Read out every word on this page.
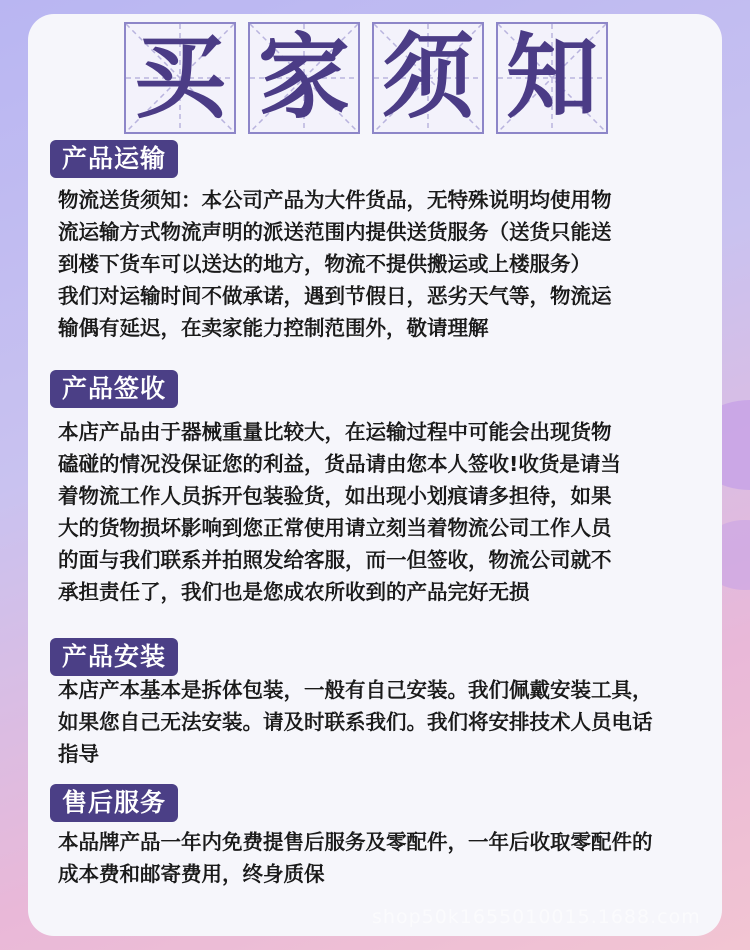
买 家 须 知
产品运输

物流送货须知：本公司产品为大件货品，无特殊说明均使用物

流运输方式物流声明的派送范围内提供送货服务（送货只能送

到楼下货车可以送达的地方，物流不提供搬运或上楼服务）

我们对运输时间不做承诺，遇到节假日，恶劣天气等，物流运

输偶有延迟，在卖家能力控制范围外，敬请理解

产品签收

本店产品由于器械重量比较大，在运输过程中可能会出现货物

磕碰的情况没保证您的利益，货品请由您本人签收!收货是请当

着物流工作人员拆开包装验货，如出现小划痕请多担待，如果

大的货物损坏影响到您正常使用请立刻当着物流公司工作人员

的面与我们联系并拍照发给客服，而一但签收，物流公司就不

承担责任了，我们也是您成农所收到的产品完好无损

产品安装

本店产本基本是拆体包装，一般有自己安装。我们佩戴安装工具，

如果您自己无法安装。请及时联系我们。我们将安排技术人员电话

指导

售后服务

本品牌产品一年内免费提售后服务及零配件，一年后收取零配件的

成本费和邮寄费用，终身质保

shop50k1655010015.1688.com
